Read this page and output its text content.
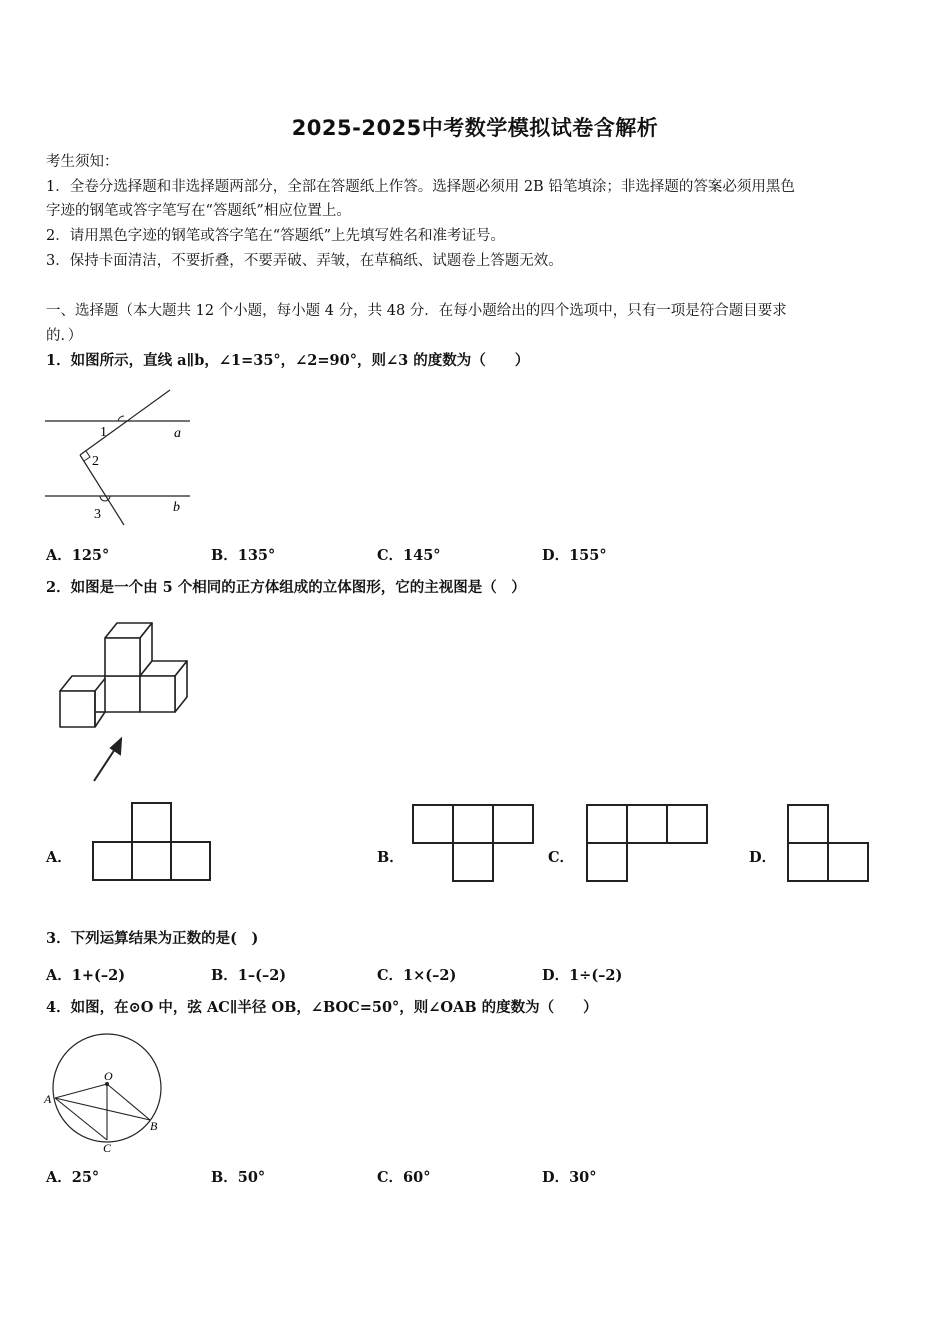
2025-2025中考数学模拟试卷含解析
考生须知：
1．全卷分选择题和非选择题两部分，全部在答题纸上作答。选择题必须用 2B 铅笔填涂；非选择题的答案必须用黑色
字迹的钢笔或答字笔写在“答题纸”相应位置上。
2．请用黑色字迹的钢笔或答字笔在“答题纸”上先填写姓名和准考证号。
3．保持卡面清洁，不要折叠，不要弄破、弄皱，在草稿纸、试题卷上答题无效。
一、选择题（本大题共 12 个小题，每小题 4 分，共 48 分．在每小题给出的四个选项中，只有一项是符合题目要求
的．）
1．如图所示，直线 a∥b，∠1=35°，∠2=90°，则∠3 的度数为（　　）
1
2
3
a
b
A．125°	B．135°	C．145°	D．155°
2．如图是一个由 5 个相同的正方体组成的立体图形，它的主视图是（　）
A．	B．	C．	D．
3．下列运算结果为正数的是(　)
A．1+(–2)	B．1–(–2)	C．1×(–2)	D．1÷(–2)
4．如图，在⊙O 中，弦 AC∥半径 OB，∠BOC=50°，则∠OAB 的度数为（　　）
O
A
B
C
A．25°	B．50°	C．60°	D．30°
